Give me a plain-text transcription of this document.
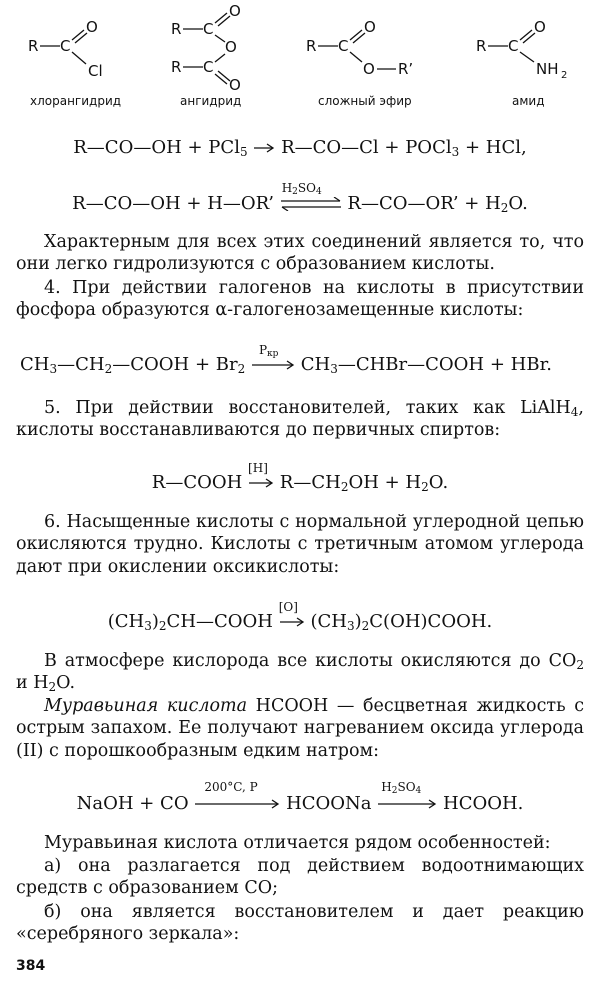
R C
O
Cl
хлорангидрид
R C
O
O
R C
O
ангидрид
R C
O
O R’
сложный эфир
R C
O
NH 2
амид
R—CO—OH + PCl$_5$ R—CO—Cl + POCl$_3$ + HCl,
R—CO—OH + H—OR’
$H_2SO_4$
R—CO—OR’ + $H_2O$.
Характерным для всех этих соединений является то, что они легко гидролизуются с образованием кислоты.
4. При действии галогенов на кислоты в присутствии фосфора образуются α-галогенозамещенные кислоты:
$CH_3—CH_2—COOH + Br_2$
$P_{кр}$ $CH_3—CHBr—COOH$ + HBr.
5. При действии восстановителей, таких как LiAlH$_4$, кислоты восстанавливаются до первичных спиртов:
R—COOH
[H]
$R—CH_2OH + H_2O$.
6. Насыщенные кислоты с нормальной углеродной цепью окисляются трудно. Кислоты с третичным атомом углерода дают при окислении оксикислоты:
$(CH_3)_2CH—COOH$
[O]
$(CH_3)_2C(OH)COOH$.
В атмосфере кислорода все кислоты окисляются до $CO_2$ и $H_2O$.
Муравьиная кислота HCOOH — бесцветная жидкость с острым запахом. Ее получают нагреванием оксида углерода (II) с порошкообразным едким натром:
NaOH + CO
200°C, P
HCOONa
$H_2SO_4$
HCOOH.
Муравьиная кислота отличается рядом особенностей:
а) она разлагается под действием водоотнимающих средств с образованием CO;
б) она является восстановителем и дает реакцию «серебряного зеркала»:
384
